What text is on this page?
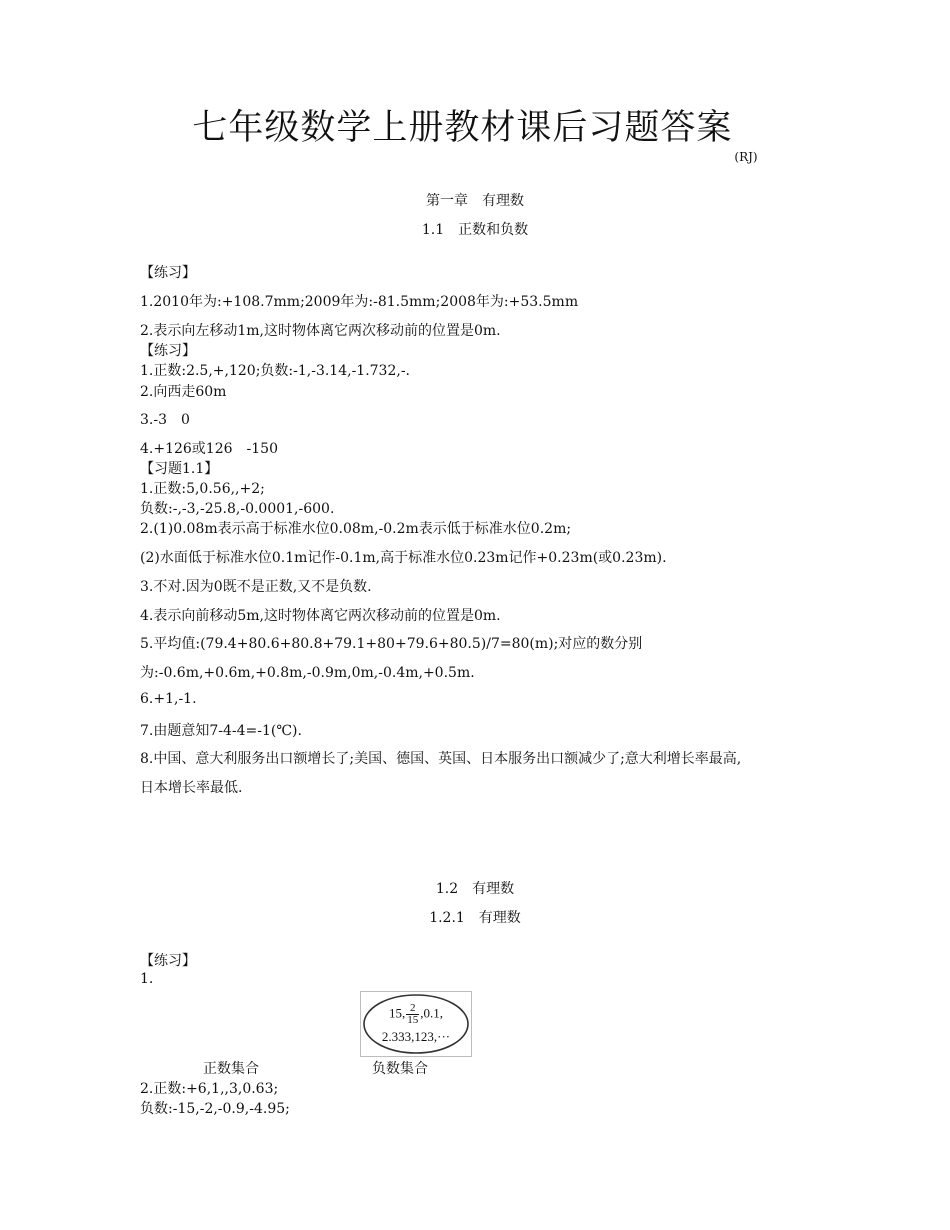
七年级数学上册教材课后习题答案$_{(RJ)}$
第一章　有理数
1.1　正数和负数
【练习】
1.2010年为:+108.7mm;2009年为:-81.5mm;2008年为:+53.5mm
2.表示向左移动1m,这时物体离它两次移动前的位置是0m.
【练习】
1.正数:2.5,+,120;负数:-1,-3.14,-1.732,-.
2.向西走60m
3.-3　0
4.+126或126　-150
【习题1.1】
1.正数:5,0.56,,+2;
负数:-,-3,-25.8,-0.0001,-600.
2.(1)0.08m表示高于标准水位0.08m,-0.2m表示低于标准水位0.2m;
(2)水面低于标准水位0.1m记作-0.1m,高于标准水位0.23m记作+0.23m(或0.23m).
3.不对.因为0既不是正数,又不是负数.
4.表示向前移动5m,这时物体离它两次移动前的位置是0m.
5.平均值:(79.4+80.6+80.8+79.1+80+79.6+80.5)/7=80(m);对应的数分别
为:-0.6m,+0.6m,+0.8m,-0.9m,0m,-0.4m,+0.5m.
6.+1,-1.
7.由题意知7-4-4=-1(℃).
8.中国、意大利服务出口额增长了;美国、德国、英国、日本服务出口额减少了;意大利增长率最高,
日本增长率最低.
1.2　有理数
1.2.1　有理数
【练习】
1.
15, $\frac{2}{15} ,0.1$,
2.333,123,···
正数集合	负数集合
2.正数:+6,1,,3,0.63;
负数:-15,-2,-0.9,-4.95;
